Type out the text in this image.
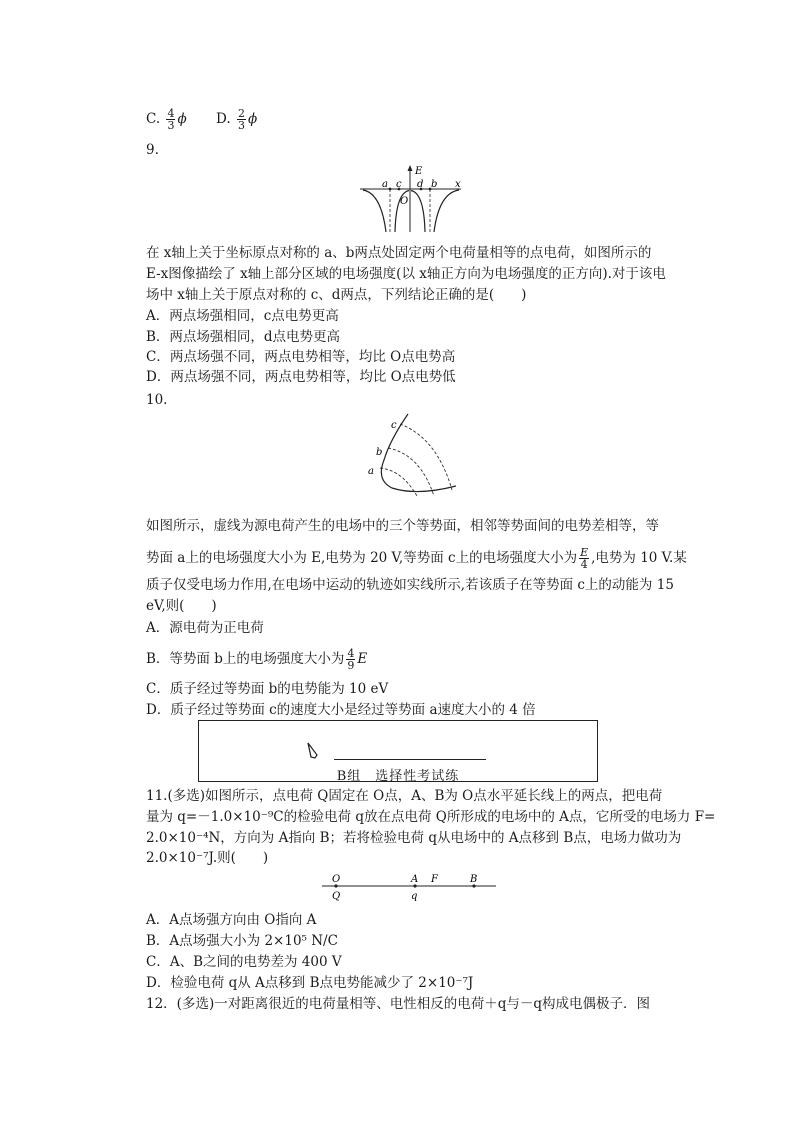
C. $\frac{4}{3}$ ϕ D. $\frac{2}{3}$ ϕ
9.
E
x
O
a c d b
在 x轴上关于坐标原点对称的 a、b两点处固定两个电荷量相等的点电荷，如图所示的
E-x图像描绘了 x轴上部分区域的电场强度(以 x轴正方向为电场强度的正方向).对于该电
场中 x轴上关于原点对称的 c、d两点，下列结论正确的是(　　)
A．两点场强相同，c点电势更高
B．两点场强相同，d点电势更高
C．两点场强不同，两点电势相等，均比 O点电势高
D．两点场强不同，两点电势相等，均比 O点电势低
10.
c
b
a
如图所示，虚线为源电荷产生的电场中的三个等势面，相邻等势面间的电势差相等，等
势面 a上的电场强度大小为 E,电势为 20 V,等势面 c上的电场强度大小为 $\frac{E}{4}$ ,电势为 10 V.某
质子仅受电场力作用,在电场中运动的轨迹如实线所示,若该质子在等势面 c上的动能为 15
eV,则(　　)
A．源电荷为正电荷
B．等势面 b上的电场强度大小为 $\frac{4}{9}$ E
C．质子经过等势面 b的电势能为 10 eV
D．质子经过等势面 c的速度大小是经过等势面 a速度大小的 4 倍
B组　选择性考试练
11.(多选)如图所示，点电荷 Q固定在 O点，A、B为 O点水平延长线上的两点，把电荷
量为 q=－1.0×10⁻⁹C的检验电荷 q放在点电荷 Q所形成的电场中的 A点，它所受的电场力 F=
2.0×10⁻⁴N，方向为 A指向 B；若将检验电荷 q从电场中的 A点移到 B点，电场力做功为
2.0×10⁻⁷J.则(　　)
O
Q
A
q
F	B
A．A点场强方向由 O指向 A
B．A点场强大小为 2×10⁵ N/C
C．A、B之间的电势差为 400 V
D．检验电荷 q从 A点移到 B点电势能减少了 2×10⁻⁷J
12．(多选)一对距离很近的电荷量相等、电性相反的电荷＋q与－q构成电偶极子．图
